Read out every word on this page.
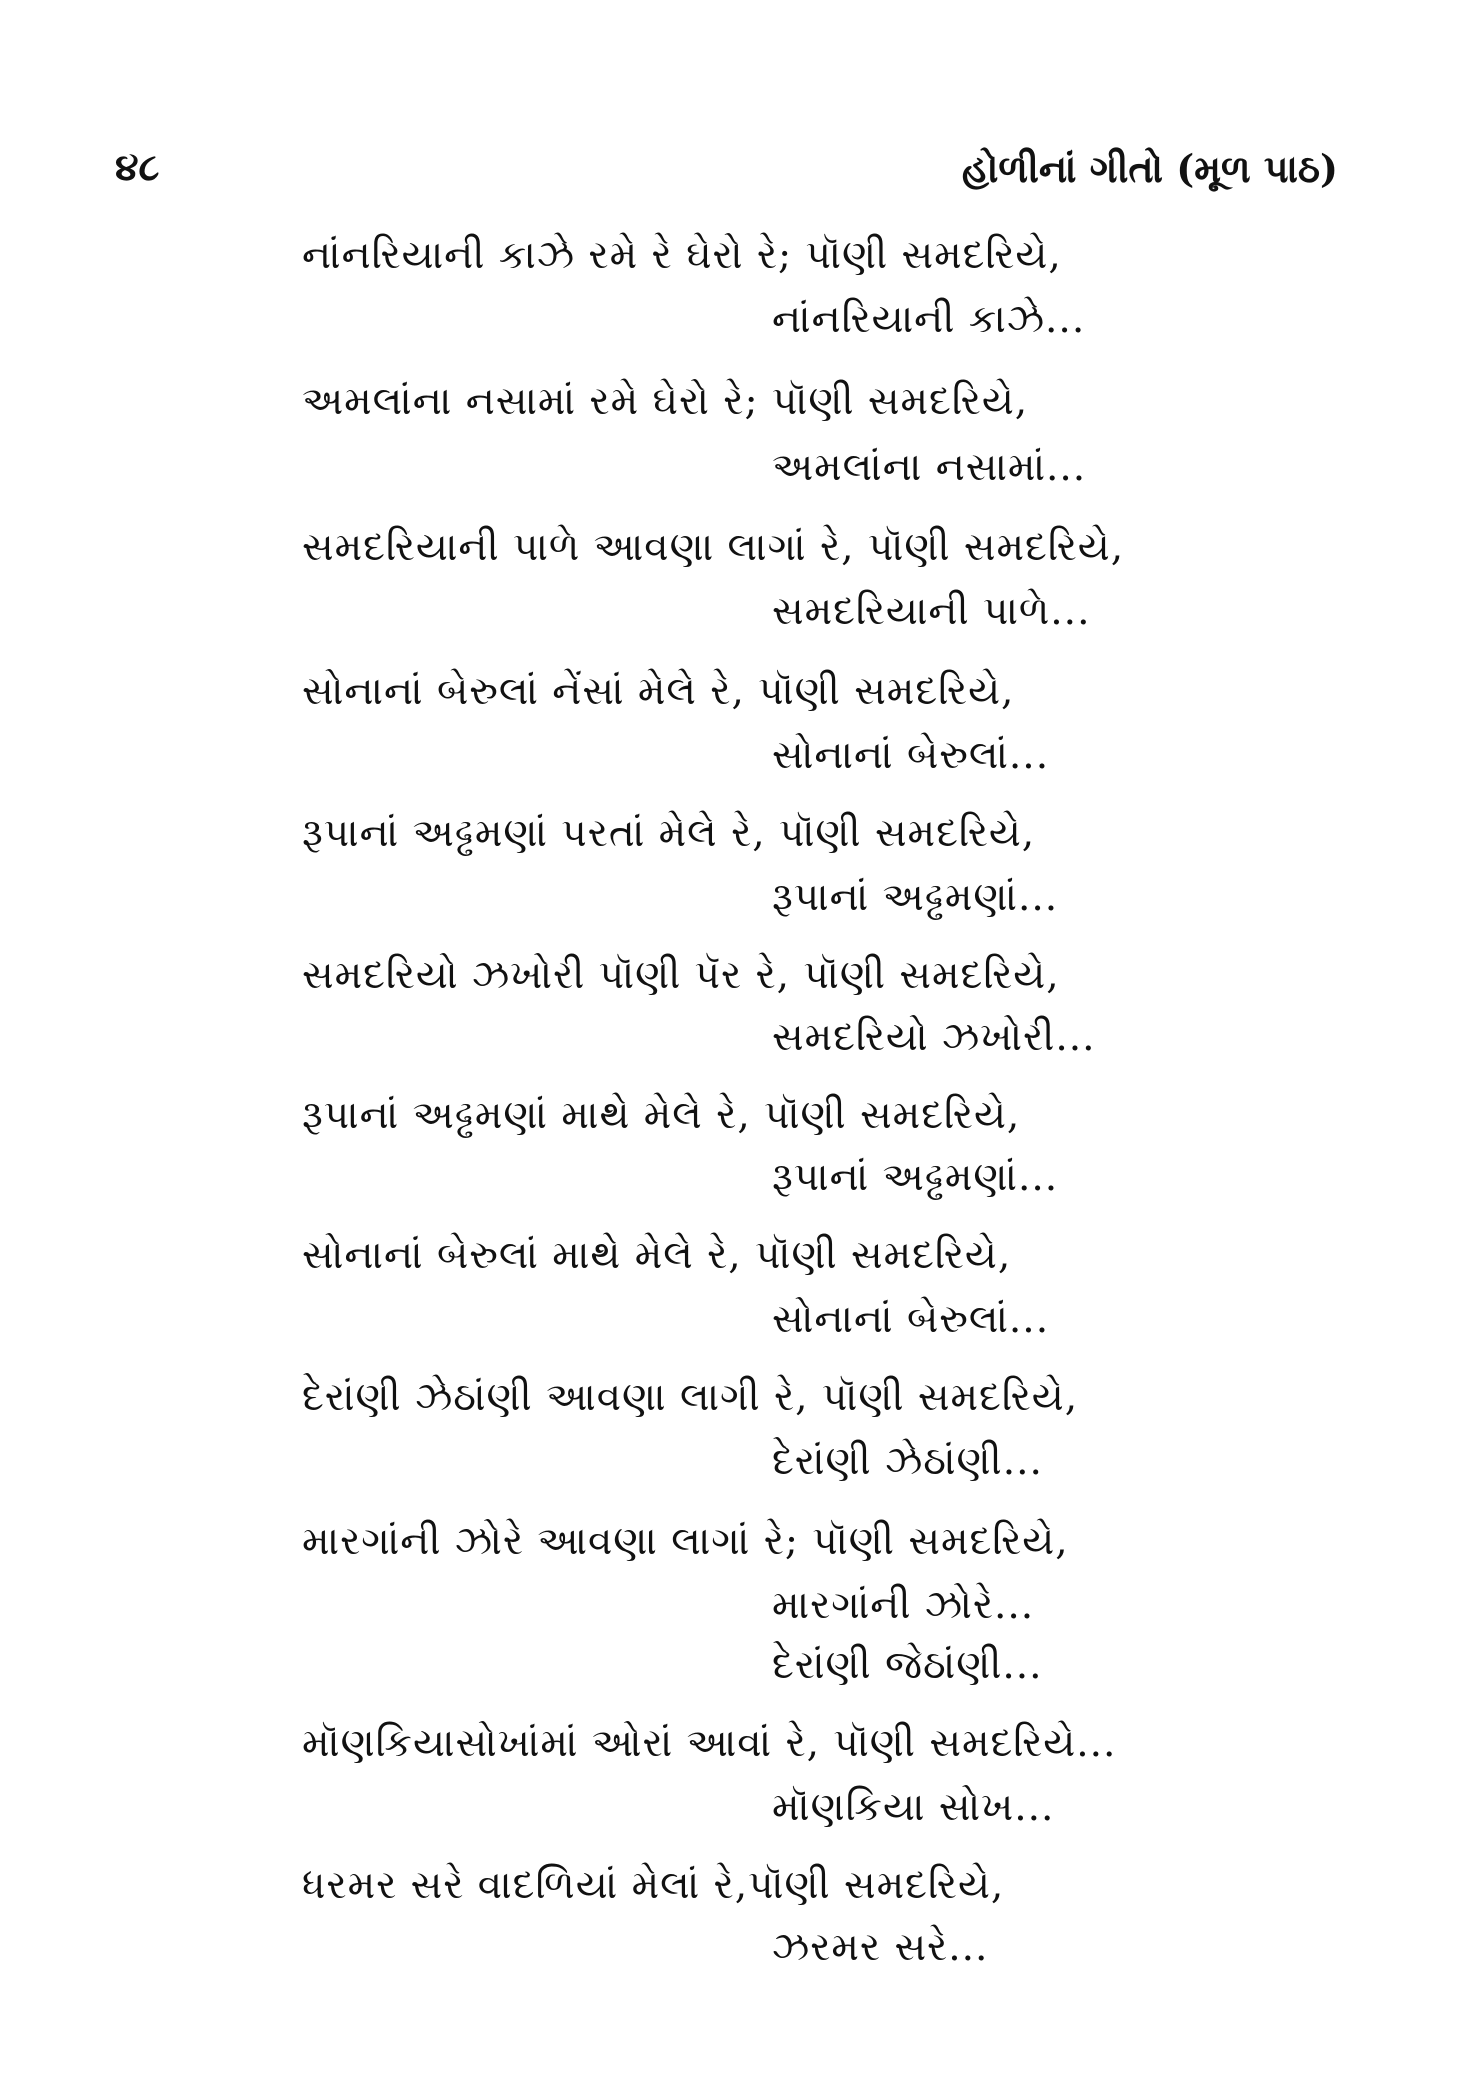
૪૮	હોળીનાં ગીતો (મૂળ પાઠ)
નાંનરિયાની કાઝે રમે રે ઘેરો રે; પૉણી સમદરિયે,
નાંનરિયાની કાઝે...
અમલાંના નસામાં રમે ઘેરો રે; પૉણી સમદરિયે,
અમલાંના નસામાં...
સમદરિયાની પાળે આવણા લાગાં રે, પૉણી સમદરિયે,
સમદરિયાની પાળે...
સોનાનાં બેરુલાં નેંસાં મેલે રે, પૉણી સમદરિયે,
સોનાનાં બેરુલાં...
રૂપાનાં અઢ્ઢમણાં પરતાં મેલે રે, પૉણી સમદરિયે,
રૂપાનાં અઢ્ઢમણાં...
સમદરિયો ઝખોરી પૉણી પૅર રે, પૉણી સમદરિયે,
સમદરિયો ઝખોરી...
રૂપાનાં અઢ્ઢમણાં માથે મેલે રે, પૉણી સમદરિયે,
રૂપાનાં અઢ્ઢમણાં...
સોનાનાં બેરુલાં માથે મેલે રે, પૉણી સમદરિયે,
સોનાનાં બેરુલાં...
દેરાંણી ઝેઠાંણી આવણા લાગી રે, પૉણી સમદરિયે,
દેરાંણી ઝેઠાંણી...
મારગાંની ઝોરે આવણા લાગાં રે; પૉણી સમદરિયે,
મારગાંની ઝોરે...
દેરાંણી જેઠાંણી...
મૉણકિયાસોખાંમાં ઓરાં આવાં રે, પૉણી સમદરિયે...
મૉણકિયા સોખ...
ધરમર સરે વાદળિયાં મેલાં રે,પૉણી સમદરિયે,
ઝરમર સરે...
